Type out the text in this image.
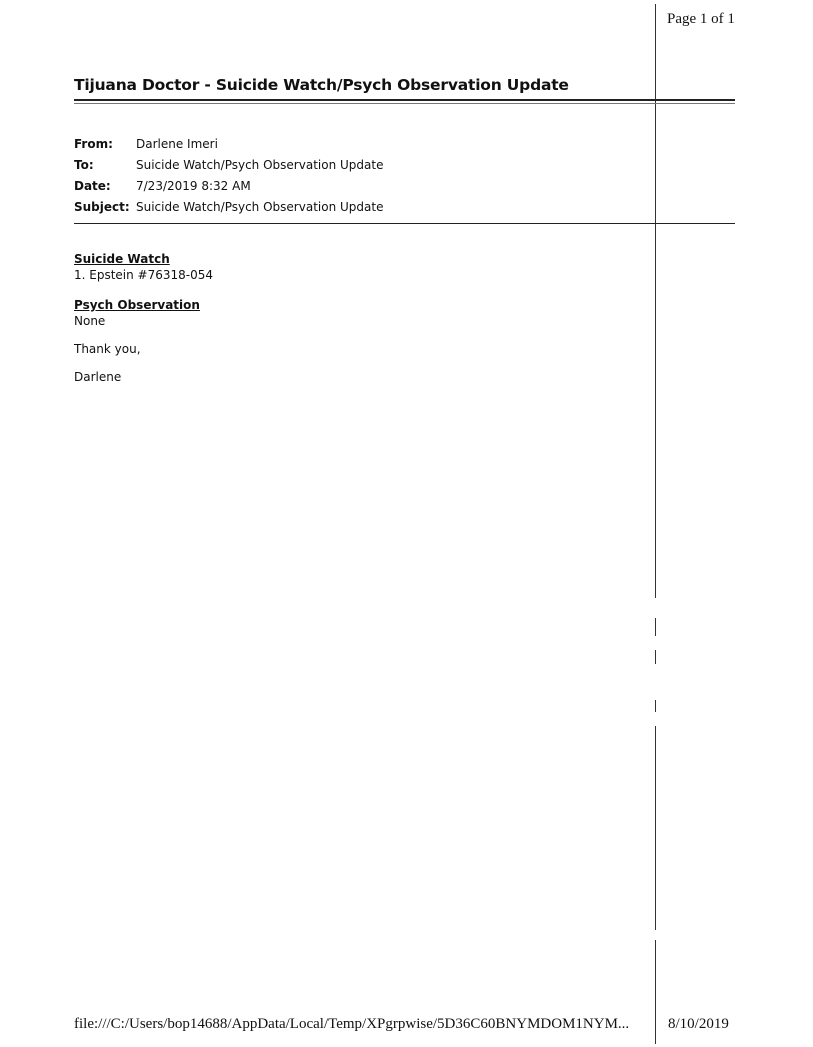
Page 1 of 1
Tijuana Doctor - Suicide Watch/Psych Observation Update
From:	Darlene Imeri
To:	Suicide Watch/Psych Observation Update
Date:	7/23/2019 8:32 AM
Subject: Suicide Watch/Psych Observation Update
Suicide Watch
1. Epstein #76318-054
Psych Observation
None
Thank you,
Darlene
file:///C:/Users/bop14688/AppData/Local/Temp/XPgrpwise/5D36C60BNYMDOM1NYM...	8/10/2019
